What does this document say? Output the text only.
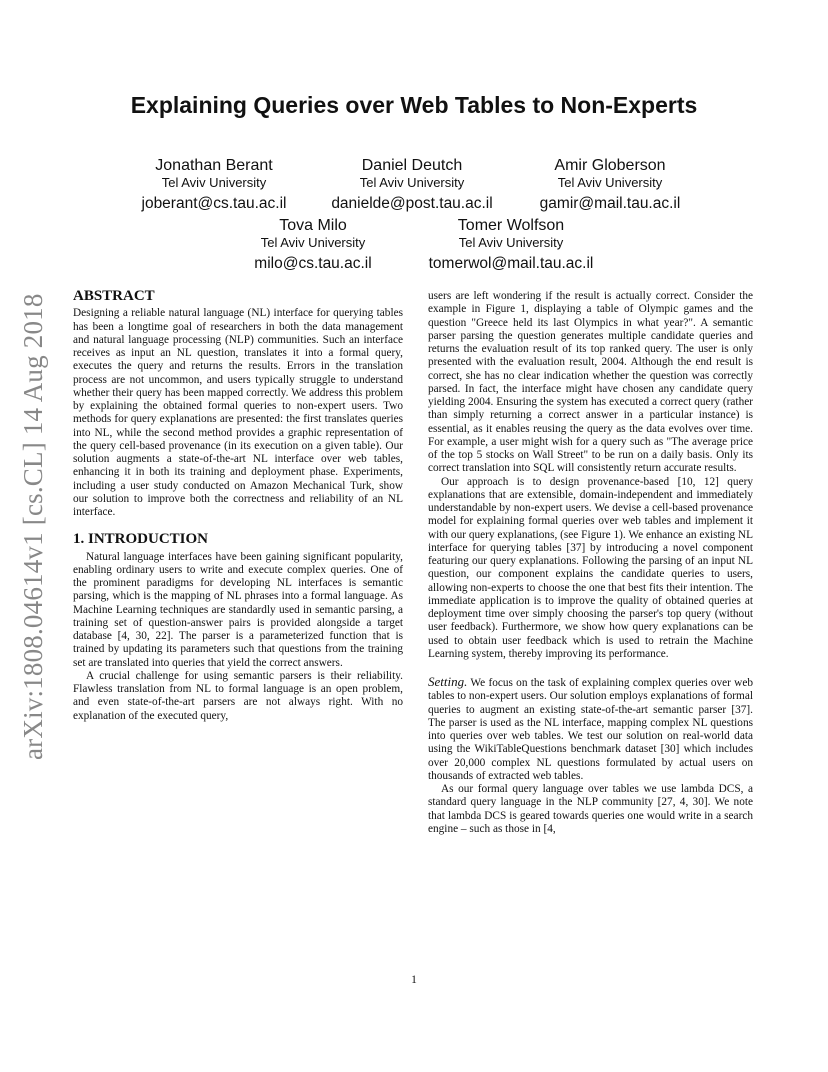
arXiv:1808.04614v1 [cs.CL] 14 Aug 2018
Explaining Queries over Web Tables to Non-Experts
Jonathan Berant
Tel Aviv University
joberant@cs.tau.ac.il
Daniel Deutch
Tel Aviv University
danielde@post.tau.ac.il
Amir Globerson
Tel Aviv University
gamir@mail.tau.ac.il
Tova Milo
Tel Aviv University
milo@cs.tau.ac.il
Tomer Wolfson
Tel Aviv University
tomerwol@mail.tau.ac.il
ABSTRACT

Designing a reliable natural language (NL) interface for querying tables has been a longtime goal of researchers in both the data management and natural language processing (NLP) communities. Such an interface receives as input an NL question, translates it into a formal query, executes the query and returns the results. Errors in the translation process are not uncommon, and users typically struggle to understand whether their query has been mapped correctly. We address this problem by explaining the obtained formal queries to non-expert users. Two methods for query explanations are presented: the first translates queries into NL, while the second method provides a graphic representation of the query cell-based provenance (in its execution on a given table). Our solution augments a state-of-the-art NL interface over web tables, enhancing it in both its training and deployment phase. Experiments, including a user study conducted on Amazon Mechanical Turk, show our solution to improve both the correctness and reliability of an NL interface.

1. INTRODUCTION

Natural language interfaces have been gaining significant popularity, enabling ordinary users to write and execute complex queries. One of the prominent paradigms for developing NL interfaces is semantic parsing, which is the mapping of NL phrases into a formal language. As Machine Learning techniques are standardly used in semantic parsing, a training set of question-answer pairs is provided alongside a target database [4, 30, 22]. The parser is a parameterized function that is trained by updating its parameters such that questions from the training set are translated into queries that yield the correct answers.

A crucial challenge for using semantic parsers is their reliability. Flawless translation from NL to formal language is an open problem, and even state-of-the-art parsers are not always right. With no explanation of the executed query,

users are left wondering if the result is actually correct. Consider the example in Figure 1, displaying a table of Olympic games and the question "Greece held its last Olympics in what year?". A semantic parser parsing the question generates multiple candidate queries and returns the evaluation result of its top ranked query. The user is only presented with the evaluation result, 2004. Although the end result is correct, she has no clear indication whether the question was correctly parsed. In fact, the interface might have chosen any candidate query yielding 2004. Ensuring the system has executed a correct query (rather than simply returning a correct answer in a particular instance) is essential, as it enables reusing the query as the data evolves over time. For example, a user might wish for a query such as "The average price of the top 5 stocks on Wall Street" to be run on a daily basis. Only its correct translation into SQL will consistently return accurate results.

Our approach is to design provenance-based [10, 12] query explanations that are extensible, domain-independent and immediately understandable by non-expert users. We devise a cell-based provenance model for explaining formal queries over web tables and implement it with our query explanations, (see Figure 1). We enhance an existing NL interface for querying tables [37] by introducing a novel component featuring our query explanations. Following the parsing of an input NL question, our component explains the candidate queries to users, allowing non-experts to choose the one that best fits their intention. The immediate application is to improve the quality of obtained queries at deployment time over simply choosing the parser's top query (without user feedback). Furthermore, we show how query explanations can be used to obtain user feedback which is used to retrain the Machine Learning system, thereby improving its performance.

Setting. We focus on the task of explaining complex queries over web tables to non-expert users. Our solution employs explanations of formal queries to augment an existing state-of-the-art semantic parser [37]. The parser is used as the NL interface, mapping complex NL questions into queries over web tables. We test our solution on real-world data using the WikiTableQuestions benchmark dataset [30] which includes over 20,000 complex NL questions formulated by actual users on thousands of extracted web tables.

As our formal query language over tables we use lambda DCS, a standard query language in the NLP community [27, 4, 30]. We note that lambda DCS is geared towards queries one would write in a search engine – such as those in [4,

1
